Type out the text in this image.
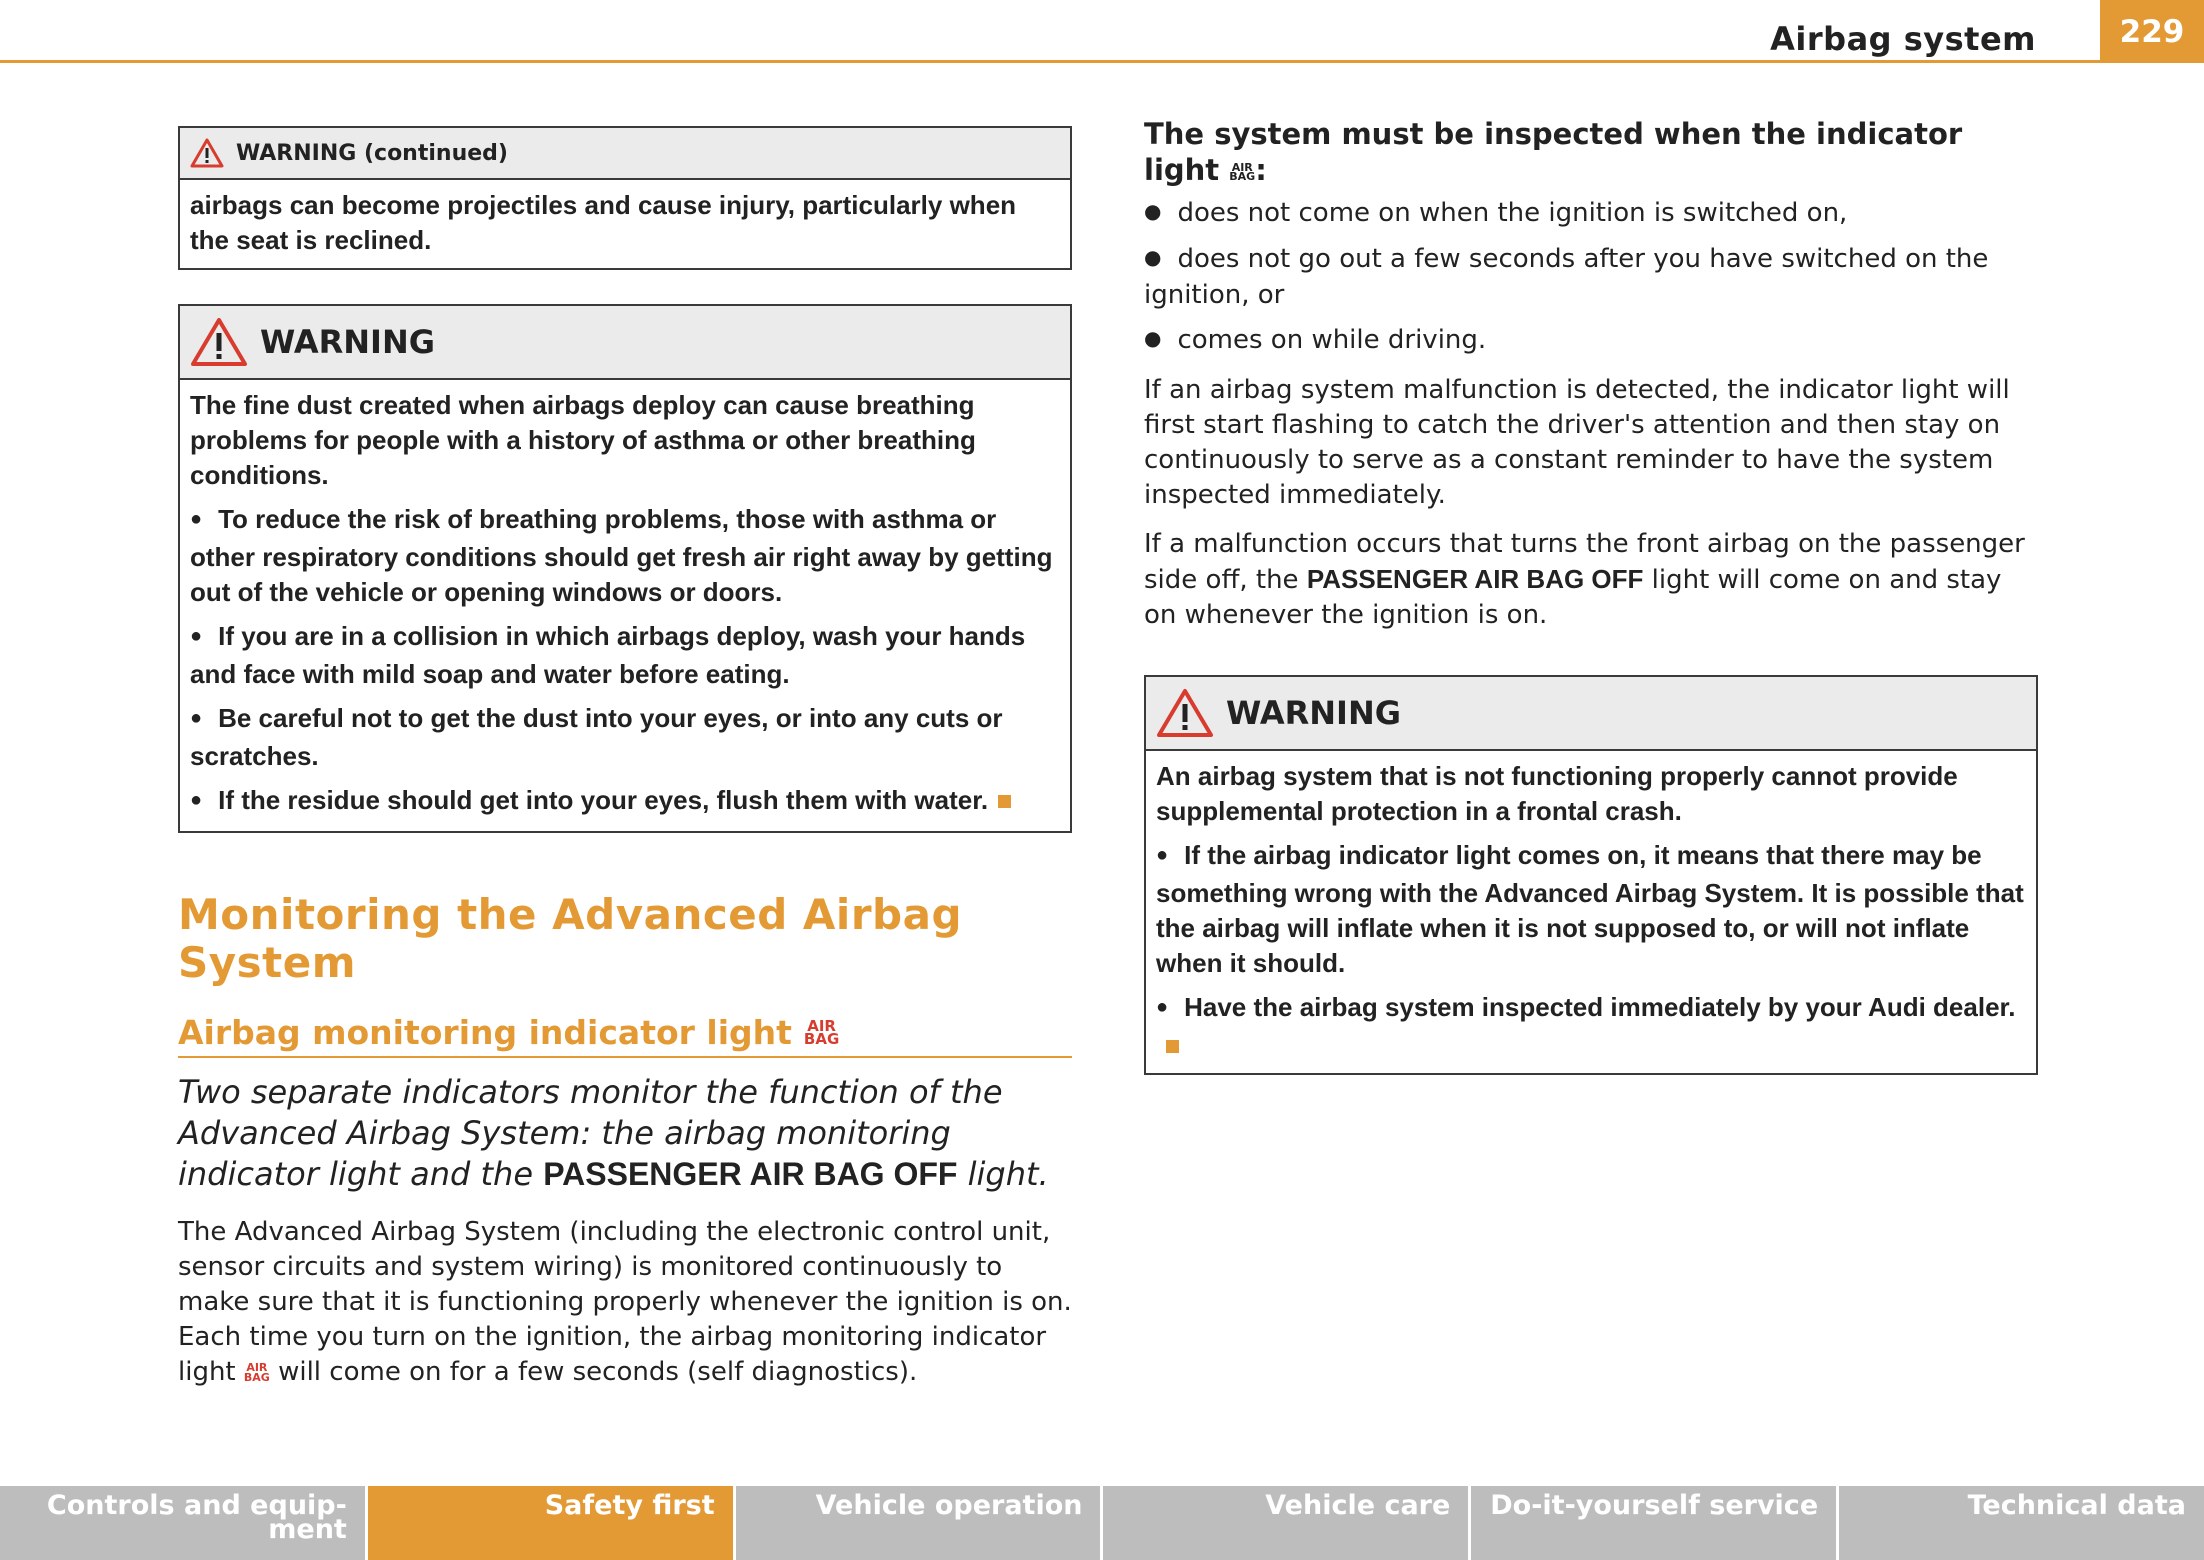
Airbag system	229
WARNING (continued)

airbags can become projectiles and cause injury, particularly when the seat is reclined.

WARNING

The fine dust created when airbags deploy can cause breathing problems for people with a history of asthma or other breathing conditions.

● To reduce the risk of breathing problems, those with asthma or other respiratory conditions should get fresh air right away by getting out of the vehicle or opening windows or doors.

● If you are in a collision in which airbags deploy, wash your hands and face with mild soap and water before eating.

● Be careful not to get the dust into your eyes, or into any cuts or scratches.

● If the residue should get into your eyes, flush them with water.

Monitoring the Advanced Airbag System
Airbag monitoring indicator light AIR
BAG

Two separate indicators monitor the function of the Advanced Airbag System: the airbag monitoring indicator light and the PASSENGER AIR BAG OFF light.

The Advanced Airbag System (including the electronic control unit, sensor circuits and system wiring) is monitored continuously to make sure that it is functioning properly whenever the ignition is on. Each time you turn on the ignition, the airbag monitoring indicator light AIR
BAG will come on for a few seconds (self diagnostics).

The system must be inspected when the indicator light AIR
BAG :

● does not come on when the ignition is switched on,

● does not go out a few seconds after you have switched on the ignition, or

● comes on while driving.

If an airbag system malfunction is detected, the indicator light will first start flashing to catch the driver's attention and then stay on continuously to serve as a constant reminder to have the system inspected immediately.

If a malfunction occurs that turns the front airbag on the passenger side off, the PASSENGER AIR BAG OFF light will come on and stay on whenever the ignition is on.

WARNING

An airbag system that is not functioning properly cannot provide supplemental protection in a frontal crash.

● If the airbag indicator light comes on, it means that there may be something wrong with the Advanced Airbag System. It is possible that the airbag will inflate when it is not supposed to, or will not inflate when it should.

● Have the airbag system inspected immediately by your Audi dealer.

Controls and equip-
ment
Safety first	Vehicle operation	Vehicle care	Do-it-yourself service	Technical data
